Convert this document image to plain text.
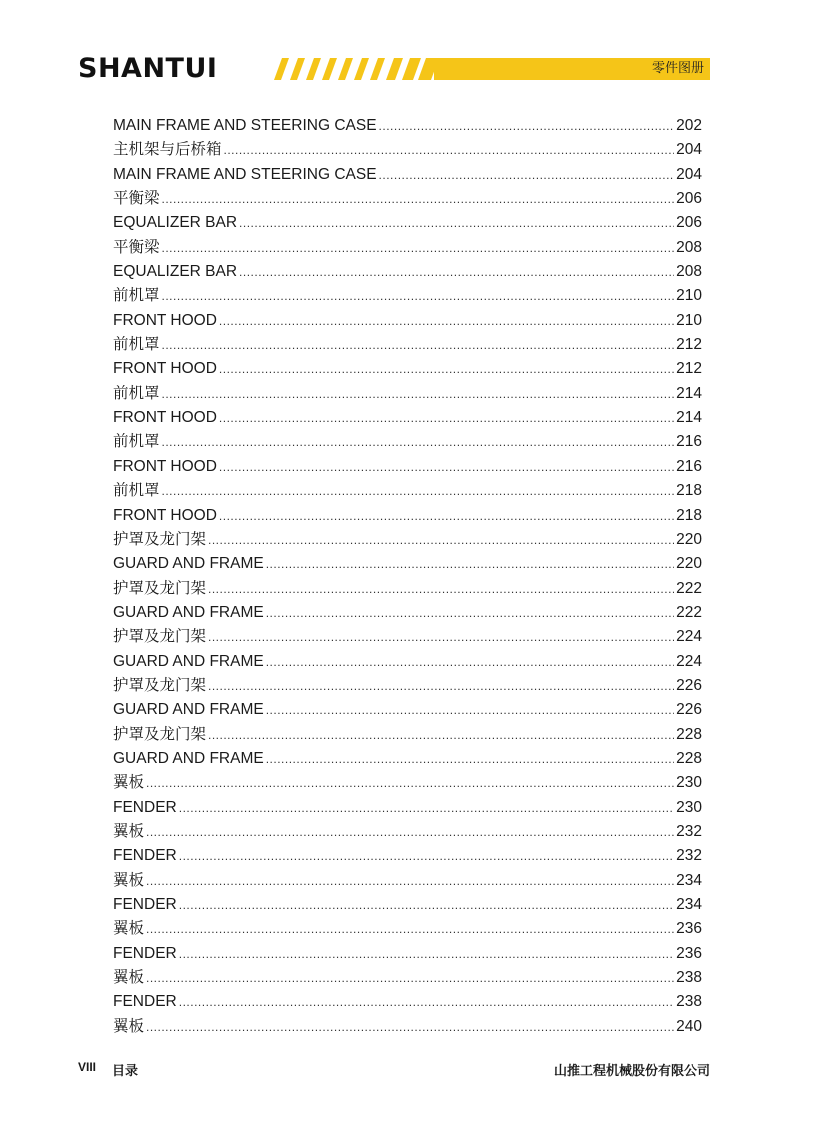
SHANTUI	零件图册
MAIN FRAME AND STEERING CASE .....	202
主机架与后桥箱 .....	204
MAIN FRAME AND STEERING CASE .....	204
平衡梁 .....	206
EQUALIZER BAR .....	206
平衡梁 .....	208
EQUALIZER BAR .....	208
前机罩 .....	210
FRONT HOOD .....	210
前机罩 .....	212
FRONT HOOD .....	212
前机罩 .....	214
FRONT HOOD .....	214
前机罩 .....	216
FRONT HOOD .....	216
前机罩 .....	218
FRONT HOOD .....	218
护罩及龙门架 .....	220
GUARD AND FRAME .....	220
护罩及龙门架 .....	222
GUARD AND FRAME .....	222
护罩及龙门架 .....	224
GUARD AND FRAME .....	224
护罩及龙门架 .....	226
GUARD AND FRAME .....	226
护罩及龙门架 .....	228
GUARD AND FRAME .....	228
翼板 .....	230
FENDER .....	230
翼板 .....	232
FENDER .....	232
翼板 .....	234
FENDER .....	234
翼板 .....	236
FENDER .....	236
翼板 .....	238
FENDER .....	238
翼板 .....	240
VIII 目录	山推工程机械股份有限公司
